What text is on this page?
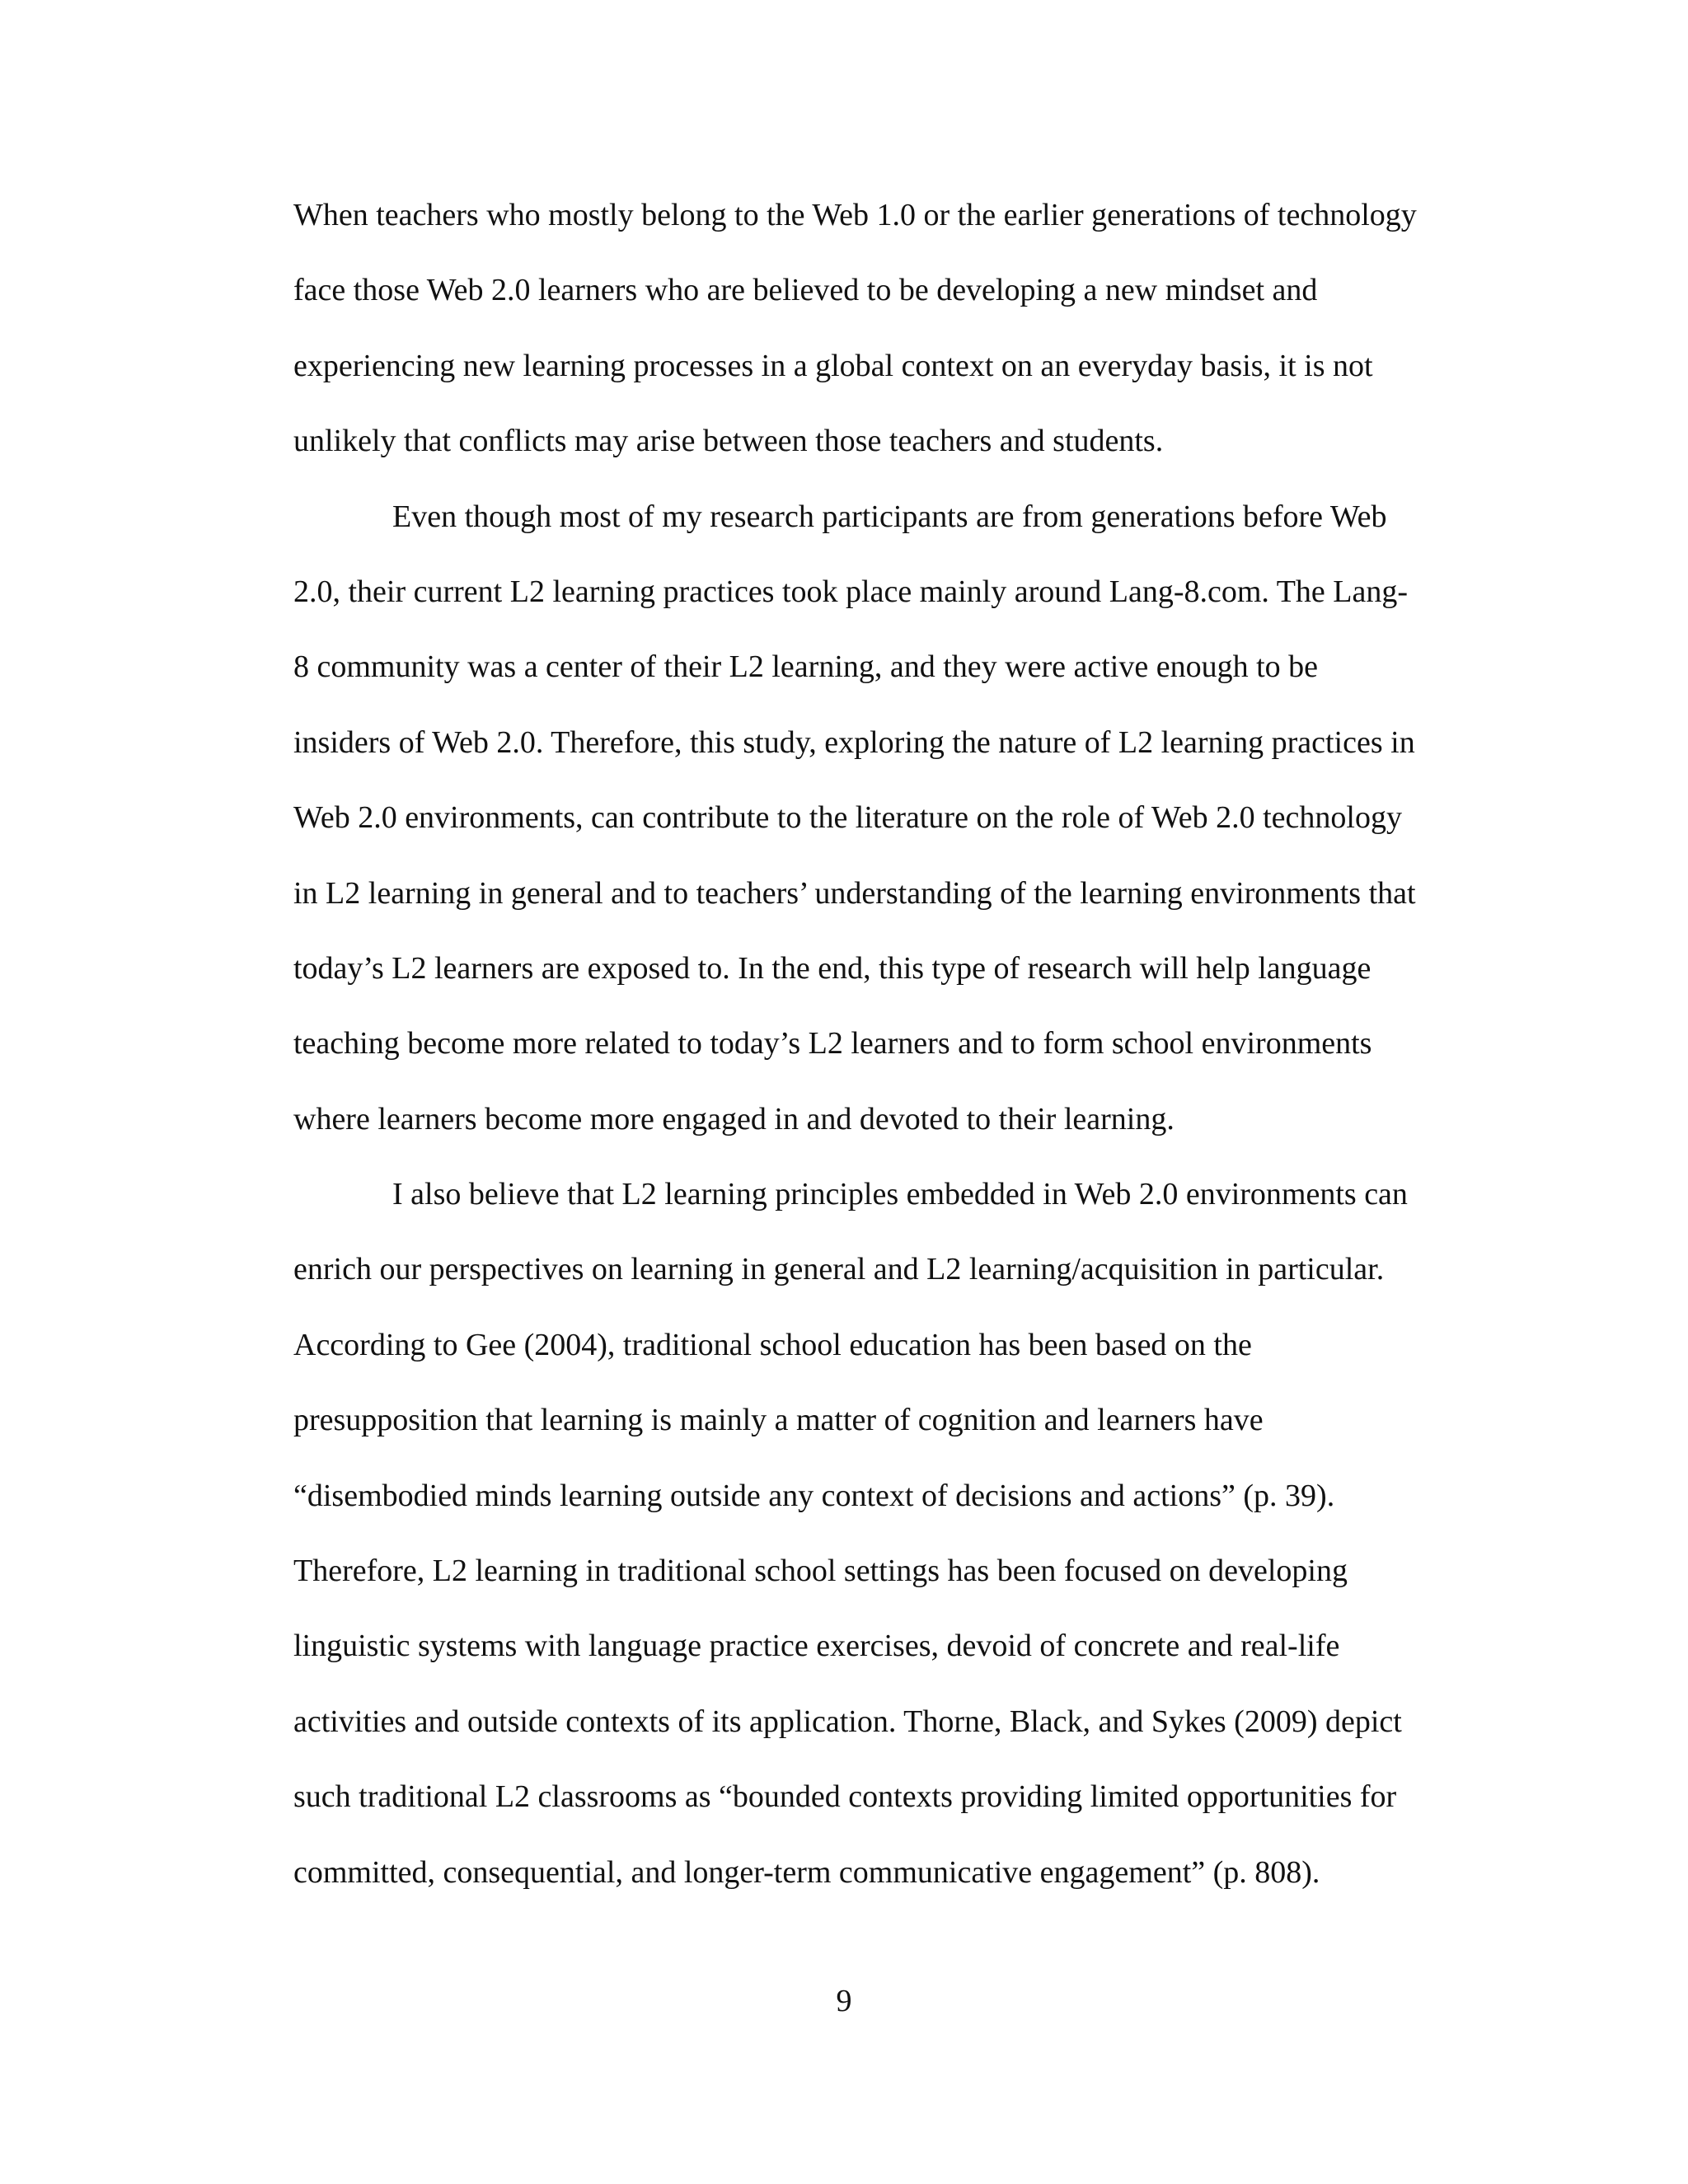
When teachers who mostly belong to the Web 1.0 or the earlier generations of technology
face those Web 2.0 learners who are believed to be developing a new mindset and
experiencing new learning processes in a global context on an everyday basis, it is not
unlikely that conflicts may arise between those teachers and students.
Even though most of my research participants are from generations before Web
2.0, their current L2 learning practices took place mainly around Lang-8.com. The Lang-
8 community was a center of their L2 learning, and they were active enough to be
insiders of Web 2.0. Therefore, this study, exploring the nature of L2 learning practices in
Web 2.0 environments, can contribute to the literature on the role of Web 2.0 technology
in L2 learning in general and to teachers’ understanding of the learning environments that
today’s L2 learners are exposed to. In the end, this type of research will help language
teaching become more related to today’s L2 learners and to form school environments
where learners become more engaged in and devoted to their learning.
I also believe that L2 learning principles embedded in Web 2.0 environments can
enrich our perspectives on learning in general and L2 learning/acquisition in particular.
According to Gee (2004), traditional school education has been based on the
presupposition that learning is mainly a matter of cognition and learners have
“disembodied minds learning outside any context of decisions and actions” (p. 39).
Therefore, L2 learning in traditional school settings has been focused on developing
linguistic systems with language practice exercises, devoid of concrete and real-life
activities and outside contexts of its application. Thorne, Black, and Sykes (2009) depict
such traditional L2 classrooms as “bounded contexts providing limited opportunities for
committed, consequential, and longer-term communicative engagement” (p. 808).
9
